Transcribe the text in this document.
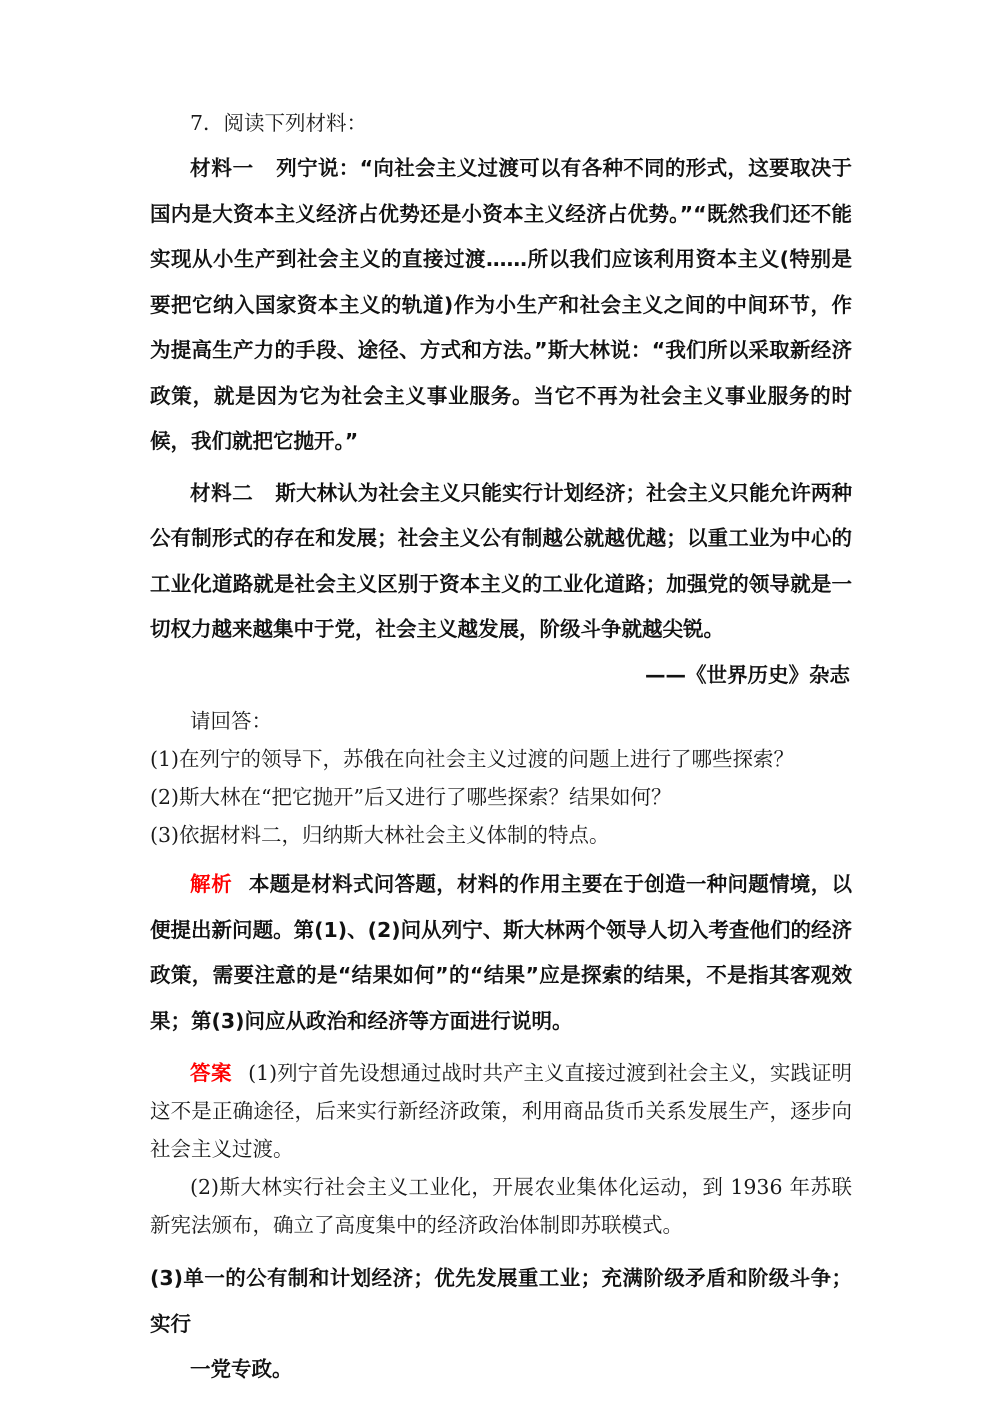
7．阅读下列材料：

材料一 列宁说：“向社会主义过渡可以有各种不同的形式，这要取决于国内是大资本主义经济占优势还是小资本主义经济占优势。”“既然我们还不能实现从小生产到社会主义的直接过渡……所以我们应该利用资本主义(特别是要把它纳入国家资本主义的轨道)作为小生产和社会主义之间的中间环节，作为提高生产力的手段、途径、方式和方法。”斯大林说：“我们所以采取新经济政策，就是因为它为社会主义事业服务。当它不再为社会主义事业服务的时候，我们就把它抛开。”
材料二 斯大林认为社会主义只能实行计划经济；社会主义只能允许两种公有制形式的存在和发展；社会主义公有制越公就越优越；以重工业为中心的工业化道路就是社会主义区别于资本主义的工业化道路；加强党的领导就是一切权力越来越集中于党，社会主义越发展，阶级斗争就越尖锐。

——《世界历史》杂志

请回答：

(1)在列宁的领导下，苏俄在向社会主义过渡的问题上进行了哪些探索？

(2)斯大林在“把它抛开”后又进行了哪些探索？结果如何？

(3)依据材料二，归纳斯大林社会主义体制的特点。

解析 本题是材料式问答题，材料的作用主要在于创造一种问题情境，以便提出新问题。第(1)、(2)问从列宁、斯大林两个领导人切入考查他们的经济政策，需要注意的是“结果如何”的“结果”应是探索的结果，不是指其客观效果；第(3)问应从政治和经济等方面进行说明。

答案 (1)列宁首先设想通过战时共产主义直接过渡到社会主义，实践证明这不是正确途径，后来实行新经济政策，利用商品货币关系发展生产，逐步向社会主义过渡。

(2)斯大林实行社会主义工业化，开展农业集体化运动，到 1936 年苏联新宪法颁布，确立了高度集中的经济政治体制即苏联模式。

(3)单一的公有制和计划经济；优先发展重工业；充满阶级矛盾和阶级斗争；实行

一党专政。
